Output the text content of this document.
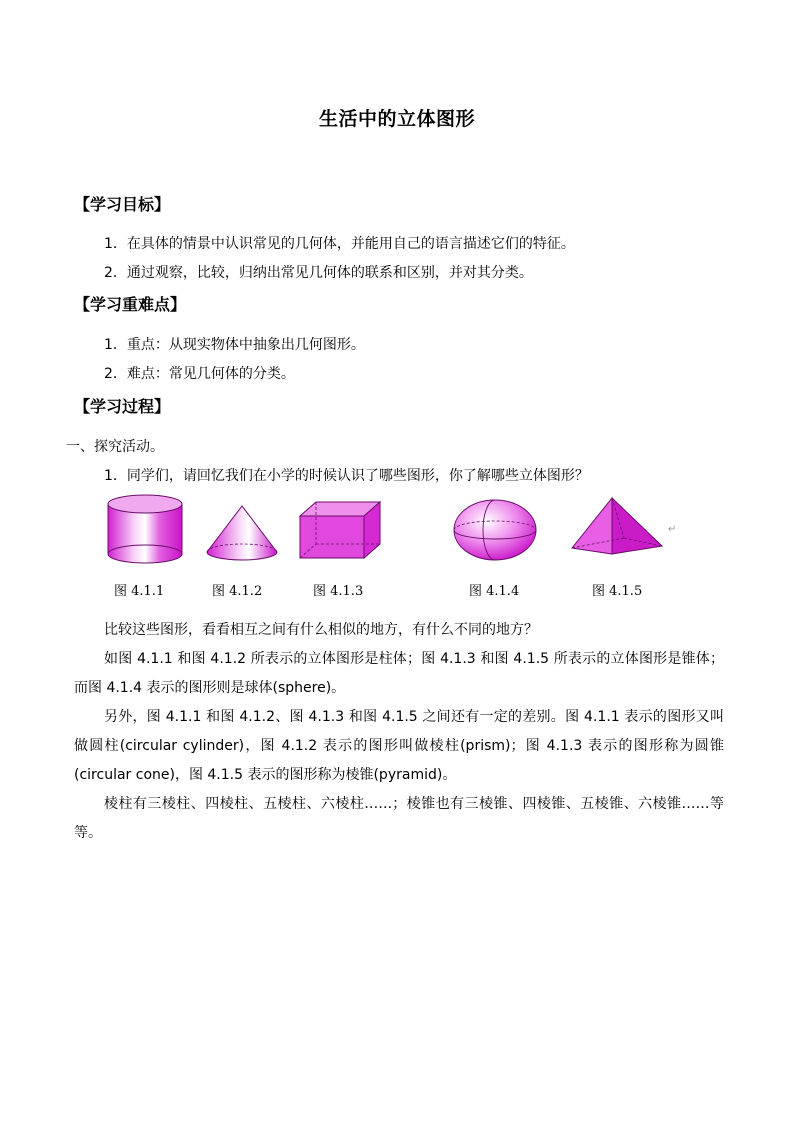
生活中的立体图形
【学习目标】
1．在具体的情景中认识常见的几何体，并能用自己的语言描述它们的特征。
2．通过观察，比较，归纳出常见几何体的联系和区别，并对其分类。
【学习重难点】
1．重点：从现实物体中抽象出几何图形。
2．难点：常见几何体的分类。
【学习过程】
一、探究活动。
1．同学们，请回忆我们在小学的时候认识了哪些图形，你了解哪些立体图形？
↵
图 4.1.1	图 4.1.2	图 4.1.3	图 4.1.4	图 4.1.5

比较这些图形，看看相互之间有什么相似的地方，有什么不同的地方？

如图 4.1.1 和图 4.1.2 所表示的立体图形是柱体；图 4.1.3 和图 4.1.5 所表示的立体图形是锥体；而图 4.1.4 表示的图形则是球体(sphere)。

另外，图 4.1.1 和图 4.1.2、图 4.1.3 和图 4.1.5 之间还有一定的差别。图 4.1.1 表示的图形又叫做圆柱(circular cylinder)，图 4.1.2 表示的图形叫做棱柱(prism)；图 4.1.3 表示的图形称为圆锥(circular cone)，图 4.1.5 表示的图形称为棱锥(pyramid)。

棱柱有三棱柱、四棱柱、五棱柱、六棱柱……；棱锥也有三棱锥、四棱锥、五棱锥、六棱锥……等等。
